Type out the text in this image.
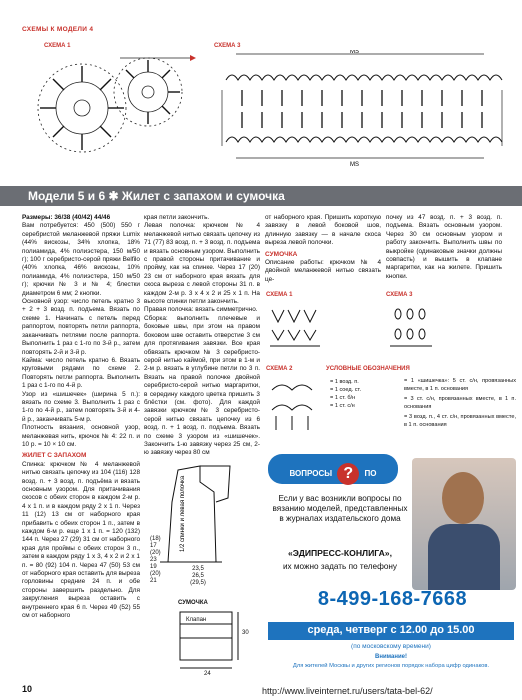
СХЕМЫ К МОДЕЛИ 4
СХЕМА 1	СХЕМА 3
MS
MS
Модели 5 и 6 ✱ Жилет с запахом и сумочка

Размеры: 36/38 (40/42) 44/46

Вам потребуется: 450 (500) 550 г серебристой меланжевой пряжи Lumix (44% вискозы, 34% хлопка, 18% полиамида, 4% полиэстера, 150 м/50 г); 100 г серебристо-серой пряжи Belfilo (40% хлопка, 46% вискозы, 10% полиамида, 4% полиэстера, 150 м/50 г); крючки № 3 и № 4; блестки диаметром 6 мм; 2 кнопки.

Основной узор: число петель кратно 3 + 2 + 3 возд. п. подъема. Вязать по схеме 1. Начинать с петель перед раппортом, повторять петли раппорта, заканчивать петлями после раппорта. Выполнить 1 раз с 1-го по 3-й р., затем повторять 2-й и 3-й р.

Кайма: число петель кратно 6. Вязать круговыми рядами по схеме 2. Повторять петли раппорта. Выполнить 1 раз с 1-го по 4-й р.

Узор из «шишечек» (ширина 5 п.): вязать по схеме 3. Выполнить 1 раз с 1-го по 4-й р., затем повторять 3-й и 4-й р., заканчивать 5-м р.

Плотность вязания, основной узор, меланжевая нить, крючок № 4: 22 п. и 10 р. = 10 × 10 см.

ЖИЛЕТ С ЗАПАХОМ

Спинка: крючком № 4 меланжевой нитью связать цепочку из 104 (116) 128 возд. п. + 3 возд. п. подъёма и вязать основным узором. Для притачивания скосов с обеих сторон в каждом 2-м р. 4 х 1 п. и в каждом ряду 2 х 1 п. Через 11 (12) 13 см от наборного края прибавить с обеих сторон 1 п., затем в каждом 6-м р. еще 1 х 1 п. = 120 (132) 144 п. Через 27 (29) 31 см от наборного края для проймы с обеих сторон 3 п., затем в каждом ряду 1 х 3, 4 х 2 и 2 х 1 п. = 80 (92) 104 п. Через 47 (50) 53 см от наборного края оставить для выреза горловины средние 24 п. и обе стороны завершить раздельно. Для закругления выреза оставить с внутреннего края 6 п. Через 49 (52) 55 см от наборного

края петли закончить.

Левая полочка: крючком № 4 меланжевой нитью связать цепочку из 71 (77) 83 возд. п. + 3 возд. п. подъема и вязать основным узором. Выполнить с правой стороны притачивание и пройму, как на спинке. Через 17 (20) 23 см от наборного края вязать для скоса выреза с левой стороны 31 п. в каждом 2-м р. 3 х 4 х 2 и 25 х 1 п. На высоте спинки петли закончить.

Правая полочка: вязать симметрично.

Сборка: выполнить плечевые и боковые швы, при этом на правом боковом шве оставить отверстие 3 см для протягивания завязки. Все края обвязать крючком № 3 серебристо-серой нитью каймой, при этом в 1-м и 2-м р. вязать в углубине петли по 3 п. Вязать на правой полочке двойной серебристо-серой нитью маргаритки, в середину каждого цветка пришить 3 блёстки (см. фото). Для каждой завязки крючком № 3 серебристо-серой нитью связать цепочку из 6 возд. п. + 1 возд. п. подъема. Вязать по схеме 3 узором из «шишечек». Закончить 1-ю завязку через 25 см, 2-ю завязку через 80 см

от наборного края. Пришить короткую завязку в левой боковой шов, длинную завязку — в начале скоса выреза левой полочки.

СУМОЧКА

Описание работы: крючком № 4 двойной меланжевой нитью связать це-

почку из 47 возд. п. + 3 возд. п. подъема. Вязать основным узором. Через 30 см основным узором и работу закончить. Выполнить швы по выкройке (одинаковые значки должны совпасть) и вышить в клапане маргаритки, как на жилете. Пришить кнопки.

СХЕМА 1	СХЕМА 3
СХЕМА 2	УСЛОВНЫЕ ОБОЗНАЧЕНИЯ

= 1 возд. п.

= 1 сoед. ст.

= 1 ст. б/н

= 1 ст. с/н

= 1 «шишечка»: 5 ст. с/н, провязанных вместе, в 1 п. основания

= 3 ст. с/н, провязанных вместе, в 1 п. основания

= 3 возд. п., 4 ст. с/н, провязанных вместе, в 1 п. основания

1/2 спинки и левая полочка
(18)
17
(20)
23
19
(20)
21
23,5
26,5
(29,5)
СУМОЧКА
Клапан
30
24
ВОПРОСЫ ? ПО ВЯЗАНИЮ
Если у вас возникли вопросы по вязанию моделей, представленных в журналах издательского дома
«ЭДИПРЕСС-КОНЛИГА»,
их можно задать по телефону
8-499-168-7668
среда, четверг с 12.00 до 15.00
(по московскому времени)
Внимание!
Для жителей Москвы и других регионов порядок набора цифр одинаков.
10	http://www.liveinternet.ru/users/tata-bel-62/
